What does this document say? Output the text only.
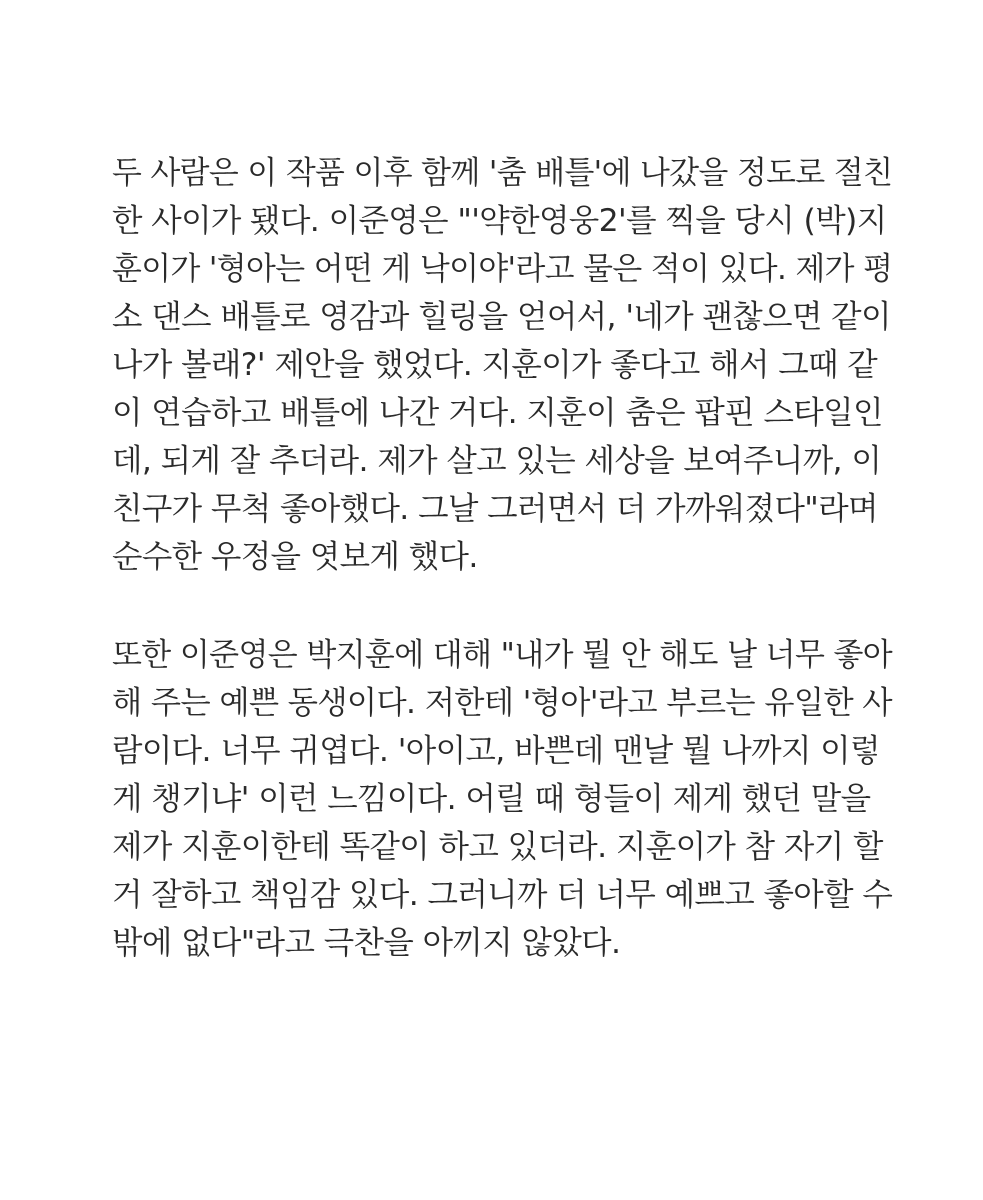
두 사람은 이 작품 이후 함께 '춤 배틀'에 나갔을 정도로 절친
한 사이가 됐다. 이준영은 "'약한영웅2'를 찍을 당시 (박)지
훈이가 '형아는 어떤 게 낙이야'라고 물은 적이 있다. 제가 평
소 댄스 배틀로 영감과 힐링을 얻어서, '네가 괜찮으면 같이
나가 볼래?' 제안을 했었다. 지훈이가 좋다고 해서 그때 같
이 연습하고 배틀에 나간 거다. 지훈이 춤은 팝핀 스타일인
데, 되게 잘 추더라. 제가 살고 있는 세상을 보여주니까, 이
친구가 무척 좋아했다. 그날 그러면서 더 가까워졌다"라며
순수한 우정을 엿보게 했다.

또한 이준영은 박지훈에 대해 "내가 뭘 안 해도 날 너무 좋아
해 주는 예쁜 동생이다. 저한테 '형아'라고 부르는 유일한 사
람이다. 너무 귀엽다. '아이고, 바쁜데 맨날 뭘 나까지 이렇
게 챙기냐' 이런 느낌이다. 어릴 때 형들이 제게 했던 말을
제가 지훈이한테 똑같이 하고 있더라. 지훈이가 참 자기 할
거 잘하고 책임감 있다. 그러니까 더 너무 예쁘고 좋아할 수
밖에 없다"라고 극찬을 아끼지 않았다.
